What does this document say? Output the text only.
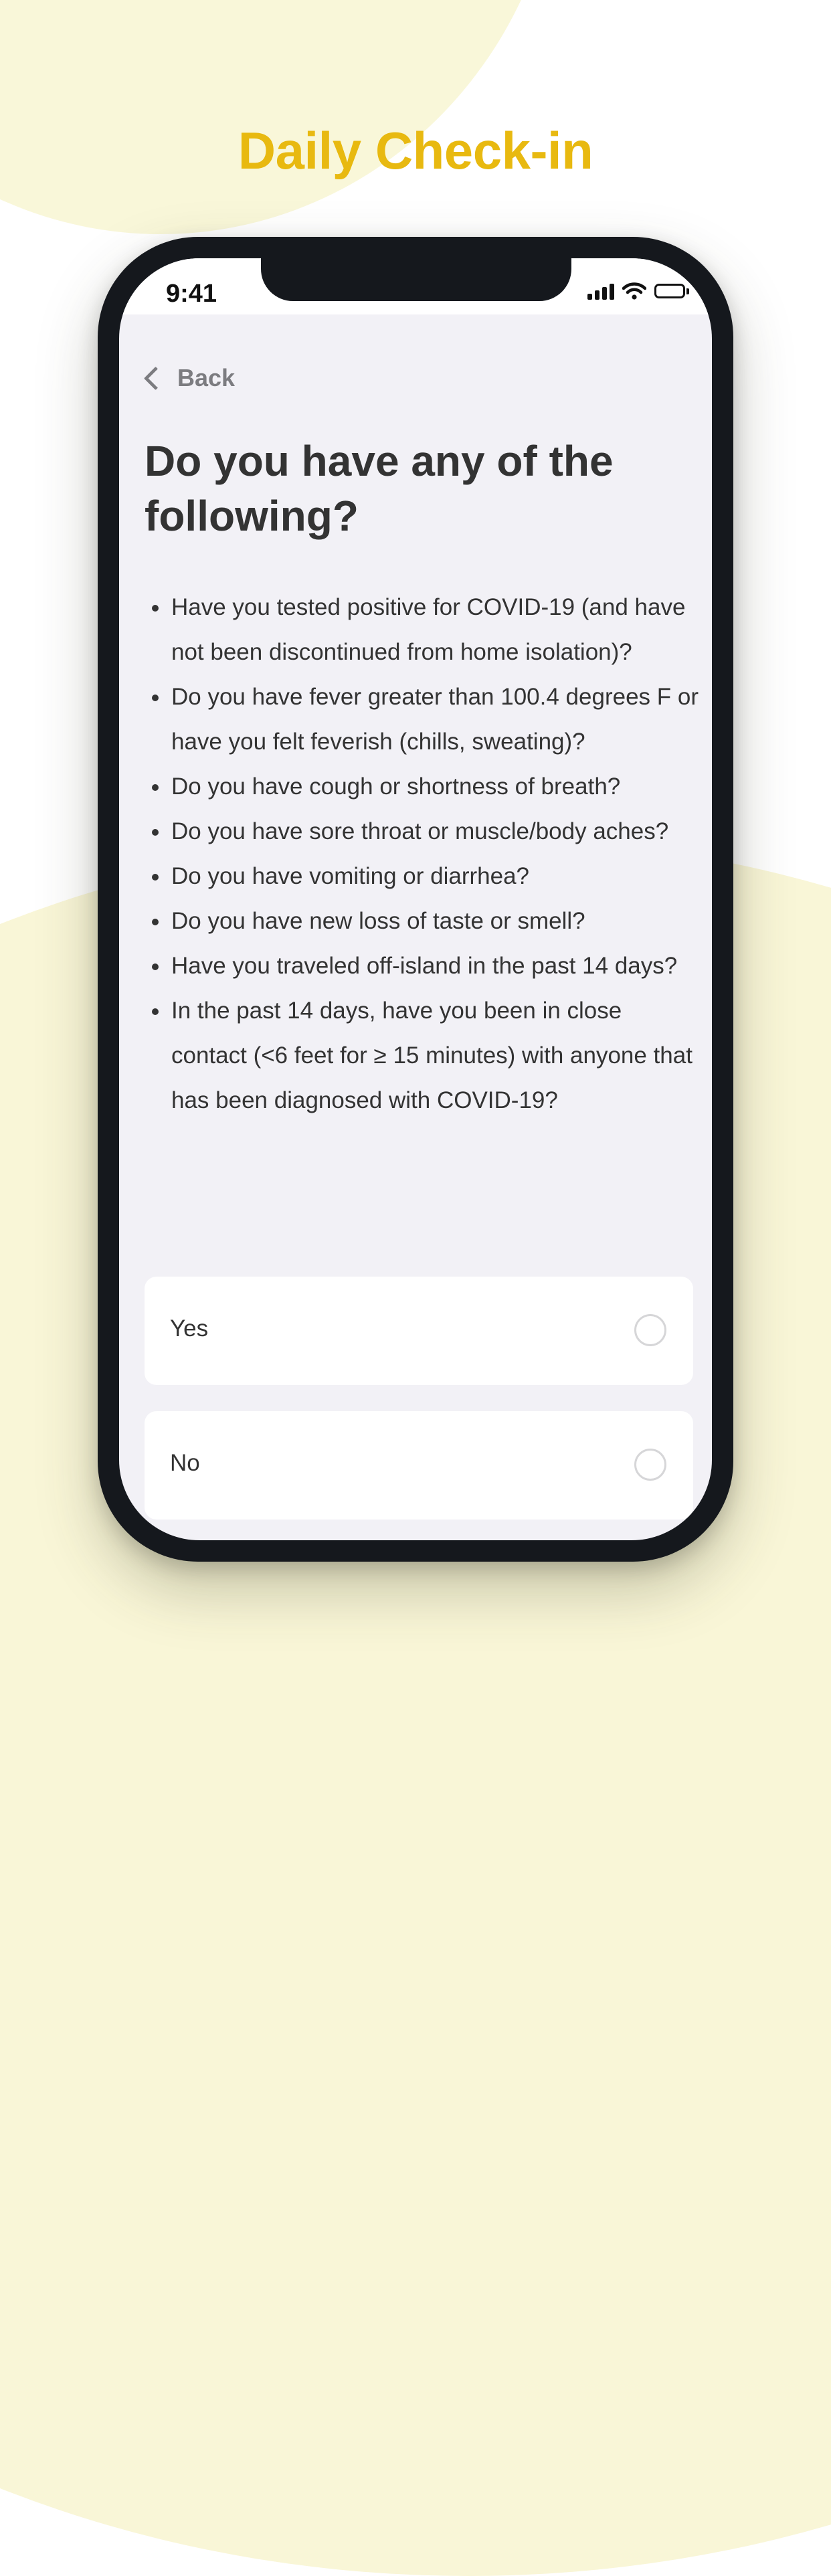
Daily Check-in
9:41
Back
Do you have any of the following?
• Have you tested positive for COVID-19 (and have not been discontinued from home isolation)?
• Do you have fever greater than 100.4 degrees F or have you felt feverish (chills, sweating)?
• Do you have cough or shortness of breath?
• Do you have sore throat or muscle/body aches?
• Do you have vomiting or diarrhea?
• Do you have new loss of taste or smell?
• Have you traveled off-island in the past 14 days?
• In the past 14 days, have you been in close contact (<6 feet for ≥ 15 minutes) with anyone that has been diagnosed with COVID-19?
Yes
No
